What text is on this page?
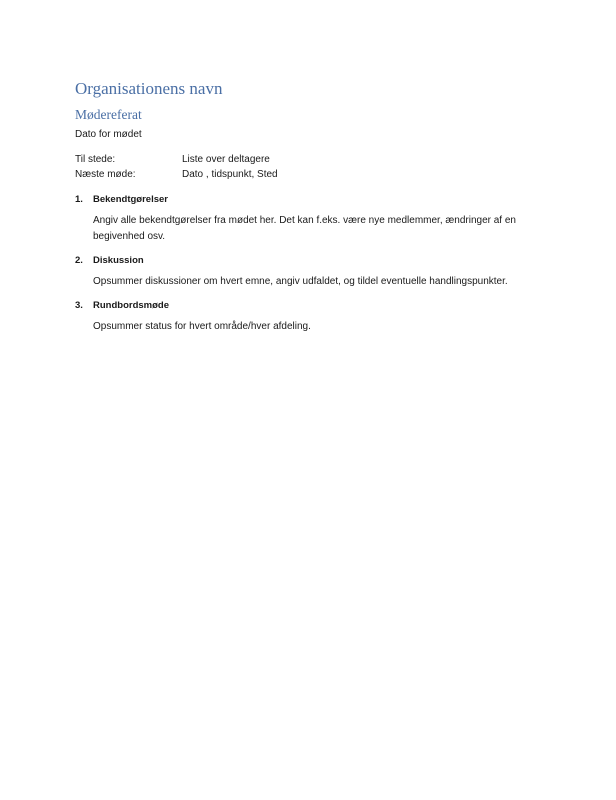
Organisationens navn
Mødereferat
Dato for mødet
Til stede:	Liste over deltagere
Næste møde:	Dato , tidspunkt, Sted
1.	Bekendtgørelser
Angiv alle bekendtgørelser fra mødet her. Det kan f.eks. være nye medlemmer, ændringer af en begivenhed osv.
2.	Diskussion
Opsummer diskussioner om hvert emne, angiv udfaldet, og tildel eventuelle handlingspunkter.
3.	Rundbordsmøde
Opsummer status for hvert område/hver afdeling.
